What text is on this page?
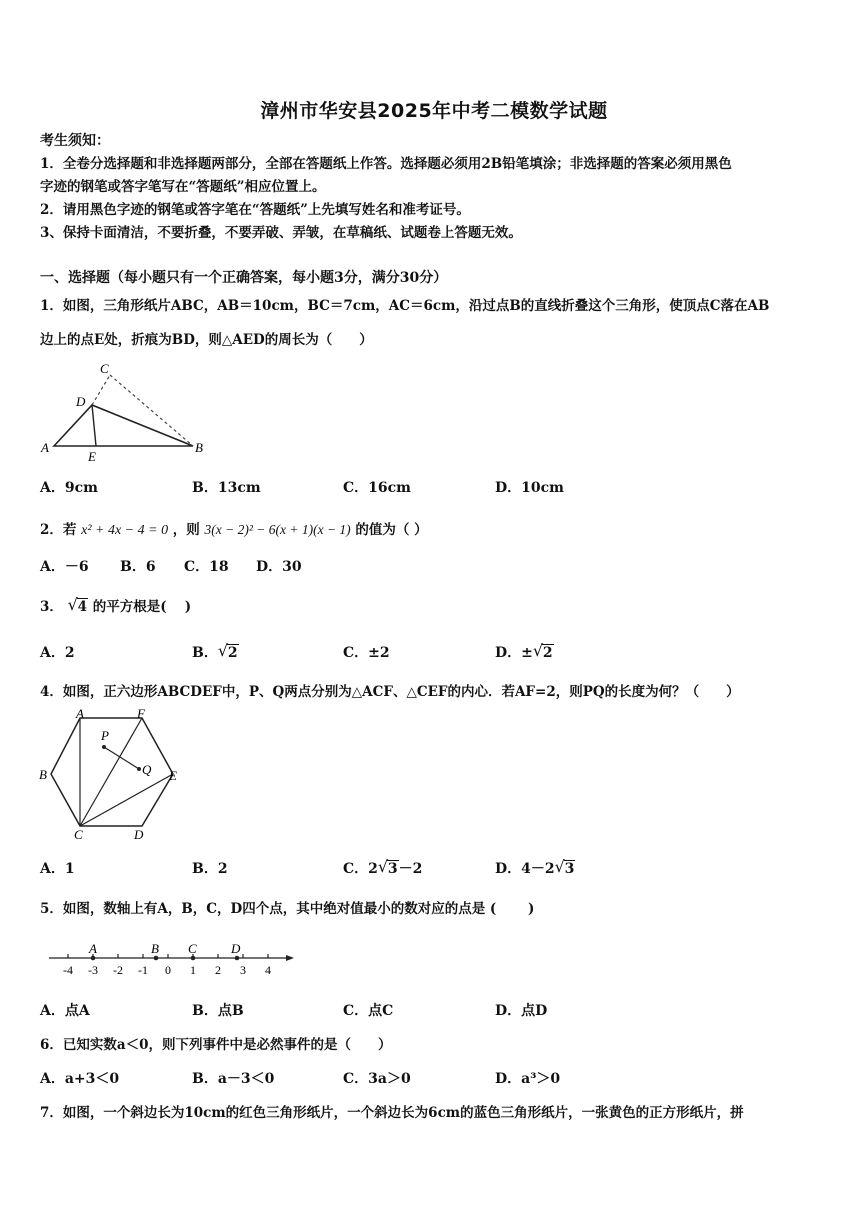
漳州市华安县2025年中考二模数学试题
考生须知：
1．全卷分选择题和非选择题两部分，全部在答题纸上作答。选择题必须用2B铅笔填涂；非选择题的答案必须用黑色
字迹的钢笔或答字笔写在“答题纸”相应位置上。
2．请用黑色字迹的钢笔或答字笔在“答题纸”上先填写姓名和准考证号。
3、保持卡面清洁，不要折叠，不要弄破、弄皱，在草稿纸、试题卷上答题无效。
一、选择题（每小题只有一个正确答案，每小题3分，满分30分）
1．如图，三角形纸片ABC，AB＝10cm，BC＝7cm，AC＝6cm，沿过点B的直线折叠这个三角形，使顶点C落在AB
边上的点E处，折痕为BD，则△AED的周长为（　　）
C
D
A
E
B
A．9cm	B．13cm	C．16cm	D．10cm
2．若 x² + 4x − 4 = 0 ，则 3(x − 2)² − 6(x + 1)(x − 1) 的值为（ ）
A．－6 B．6 C．18 D．30
3． √ 4 的平方根是(　 )
A．2	B． √ 2	C．±2	D．± √ 2
4．如图，正六边形ABCDEF中，P、Q两点分别为△ACF、△CEF的内心．若AF=2，则PQ的长度为何？（　　）
A	F
P
B	Q E
C	D
A．1	B．2	C．2 √ 3－2	D．4－2 √ 3
5．如图，数轴上有A，B，C，D四个点，其中绝对值最小的数对应的点是 (　　 )
-4 -3 -2 -1 0 1 2 3 4
A	B C	D
A．点A	B．点B	C．点C	D．点D
6．已知实数a＜0，则下列事件中是必然事件的是（　　）
A．a+3＜0	B．a－3＜0	C．3a＞0	D．a³＞0
7．如图，一个斜边长为10cm的红色三角形纸片，一个斜边长为6cm的蓝色三角形纸片，一张黄色的正方形纸片，拼
